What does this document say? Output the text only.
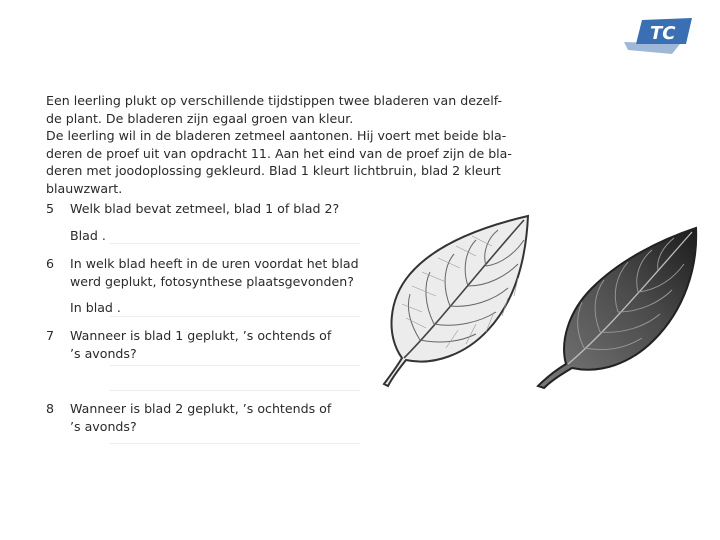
TC
Een leerling plukt op verschillende tijdstippen twee bladeren van dezelf-
de plant. De bladeren zijn egaal groen van kleur.
De leerling wil in de bladeren zetmeel aantonen. Hij voert met beide bla-
deren de proef uit van opdracht 11. Aan het eind van de proef zijn de bla-
deren met joodoplossing gekleurd. Blad 1 kleurt lichtbruin, blad 2 kleurt
blauwzwart.
5 Welk blad bevat zetmeel, blad 1 of blad 2?
Blad .
6 In welk blad heeft in de uren voordat het blad
werd geplukt, fotosynthese plaatsgevonden?
In blad .
7 Wanneer is blad 1 geplukt, ’s ochtends of
’s avonds?
8 Wanneer is blad 2 geplukt, ’s ochtends of
’s avonds?
